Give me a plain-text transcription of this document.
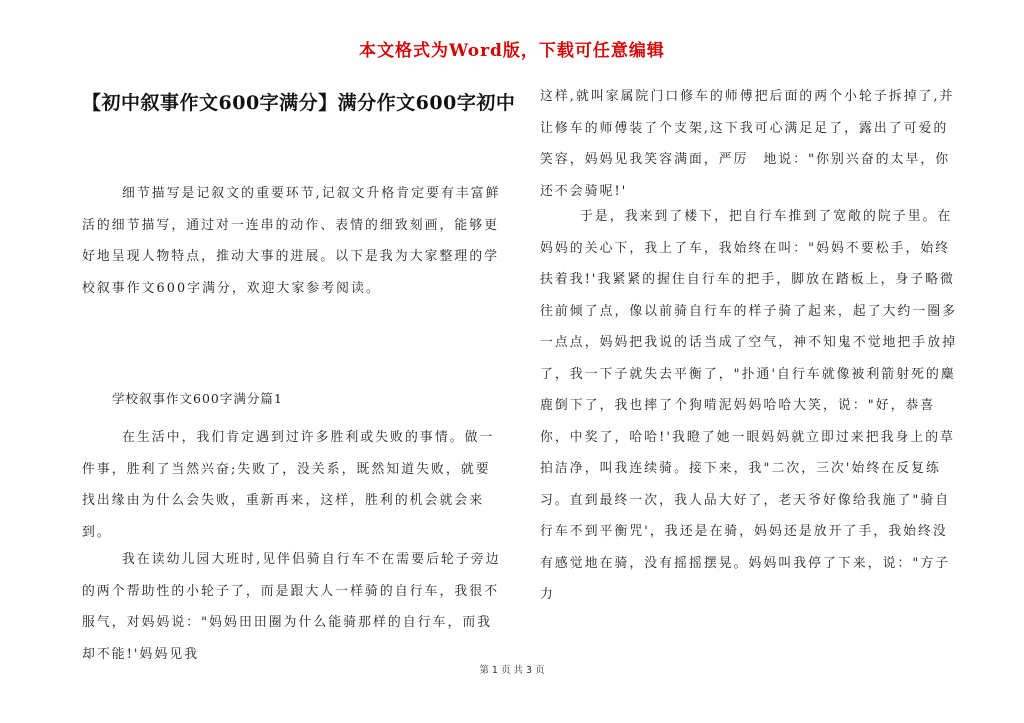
本文格式为Word版，下载可任意编辑
【初中叙事作文600字满分】满分作文600字初中

细节描写是记叙文的重要环节,记叙文升格肯定要有丰富鲜活的细节描写，通过对一连串的动作、表情的细致刻画，能够更好地呈现人物特点，推动大事的进展。以下是我为大家整理的学校叙事作文600字满分，欢迎大家参考阅读。

学校叙事作文600字满分篇1

在生活中，我们肯定遇到过许多胜利或失败的事情。做一件事，胜利了当然兴奋;失败了，没关系，既然知道失败，就要找出缘由为什么会失败，重新再来，这样，胜利的机会就会来到。

我在读幼儿园大班时,见伴侣骑自行车不在需要后轮子旁边的两个帮助性的小轮子了，而是跟大人一样骑的自行车，我很不服气，对妈妈说："妈妈田田圈为什么能骑那样的自行车，而我却不能!'妈妈见我

这样,就叫家属院门口修车的师傅把后面的两个小轮子拆掉了,并让修车的师傅装了个支架,这下我可心满足足了，露出了可爱的笑容，妈妈见我笑容满面，严厉　地说："你别兴奋的太早，你还不会骑呢!'

于是，我来到了楼下，把自行车推到了宽敞的院子里。在妈妈的关心下，我上了车，我始终在叫："妈妈不要松手，始终扶着我!'我紧紧的握住自行车的把手，脚放在踏板上，身子略微往前倾了点，像以前骑自行车的样子骑了起来，起了大约一圈多一点点，妈妈把我说的话当成了空气，神不知鬼不觉地把手放掉了，我一下子就失去平衡了，"扑通'自行车就像被利箭射死的麋鹿倒下了，我也摔了个狗啃泥妈妈哈哈大笑，说："好，恭喜你，中奖了，哈哈!'我瞪了她一眼妈妈就立即过来把我身上的草拍洁净，叫我连续骑。接下来，我"二次，三次'始终在反复练习。直到最终一次，我人品大好了，老天爷好像给我施了"骑自行车不到平衡咒'，我还是在骑，妈妈还是放开了手，我始终没有感觉地在骑，没有摇摇摆晃。妈妈叫我停了下来，说："方子力

第 1 页 共 3 页
